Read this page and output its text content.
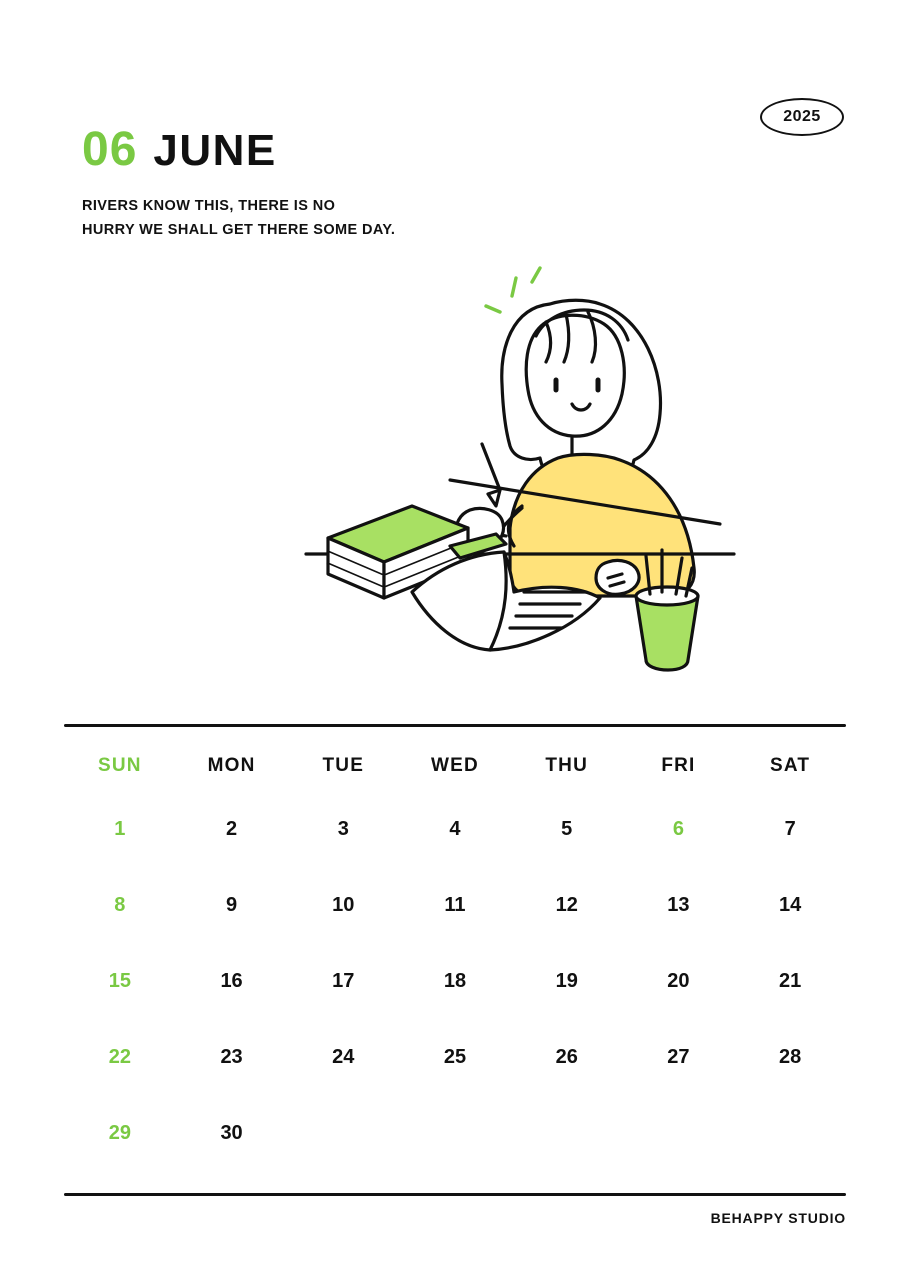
2025
06 JUNE
RIVERS KNOW THIS, THERE IS NO
HURRY WE SHALL GET THERE SOME DAY.
SUN	MON	TUE	WED	THU	FRI	SAT
1	2	3	4	5	6	7
8	9	10	11	12	13	14
15	16	17	18	19	20	21
22	23	24	25	26	27	28
29	30
BEHAPPY STUDIO
